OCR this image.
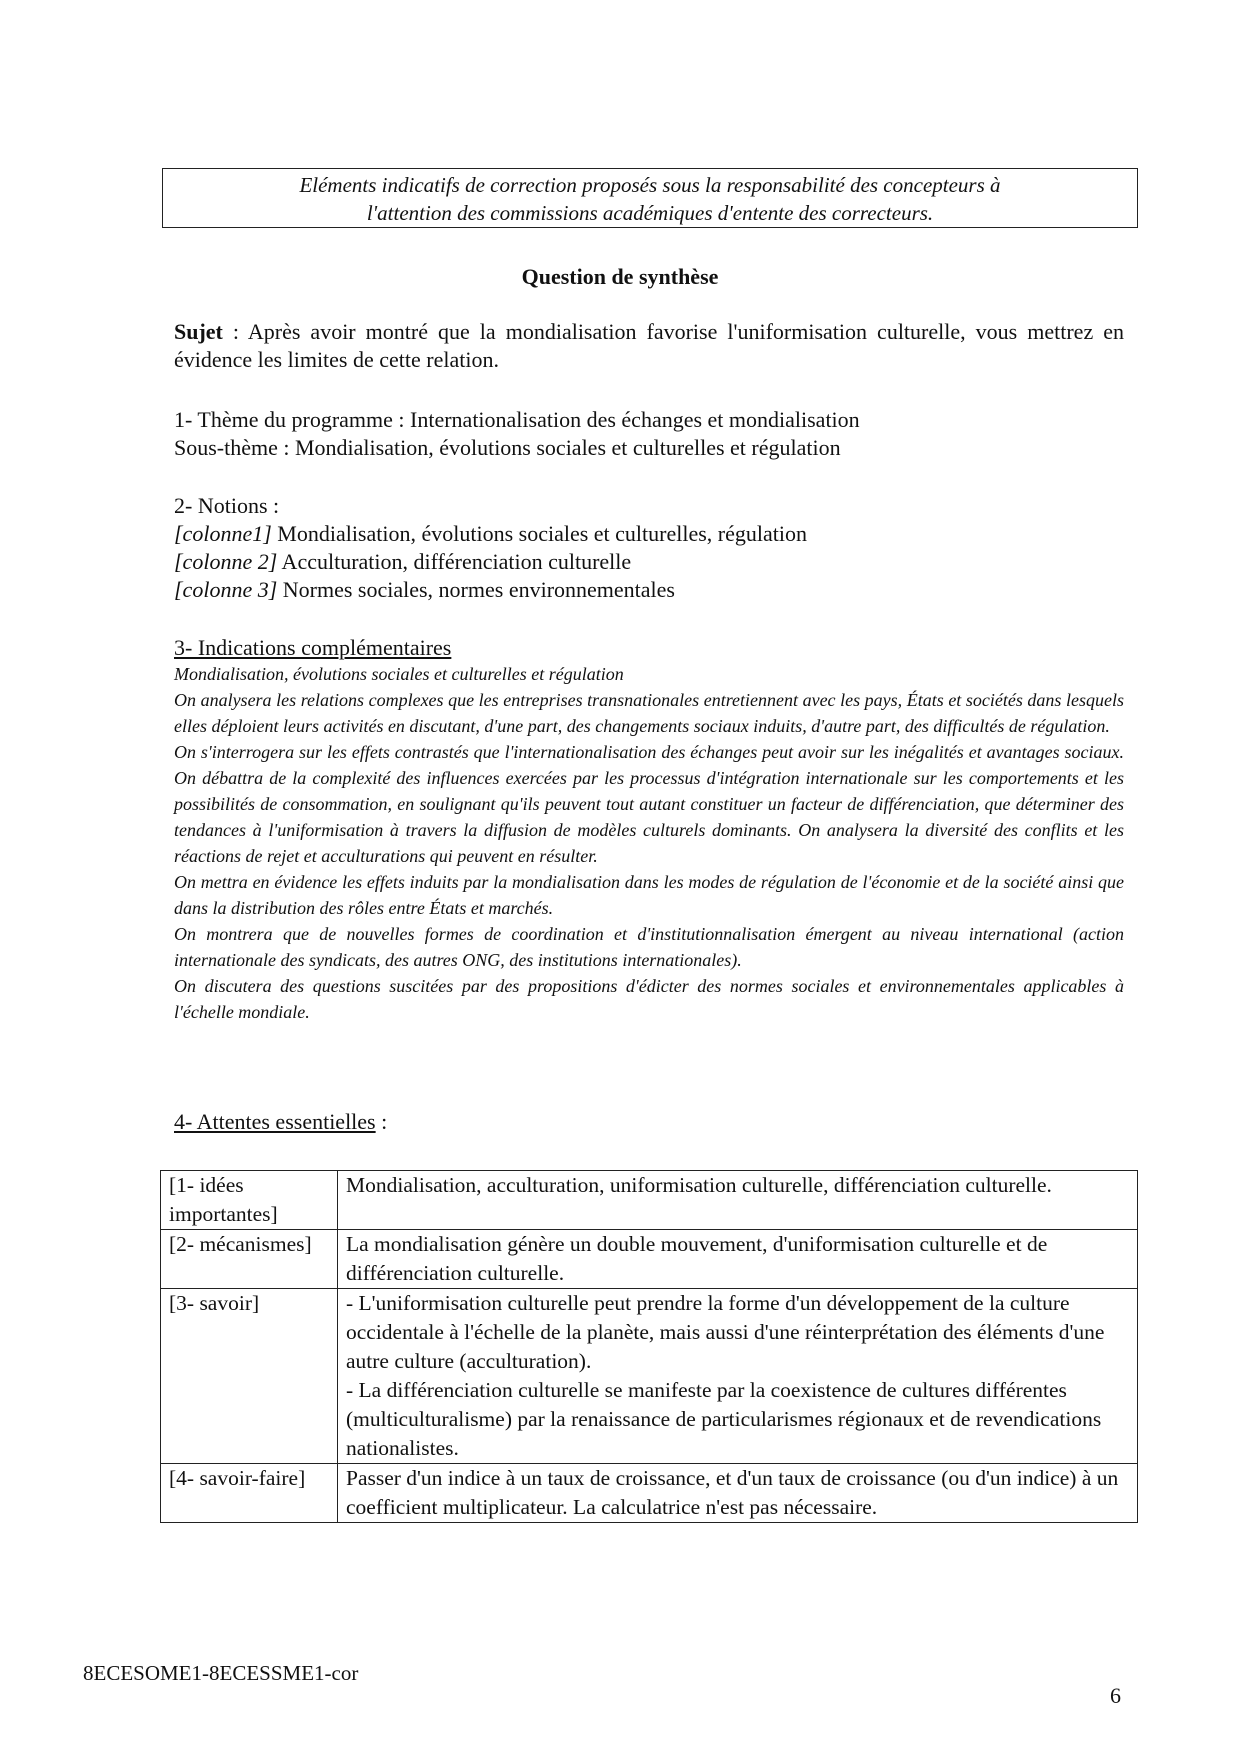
Eléments indicatifs de correction proposés sous la responsabilité des concepteurs à
l'attention des commissions académiques d'entente des correcteurs.
Question de synthèse
Sujet : Après avoir montré que la mondialisation favorise l'uniformisation culturelle, vous mettrez en évidence les limites de cette relation.
1- Thème du programme : Internationalisation des échanges et mondialisation
Sous-thème : Mondialisation, évolutions sociales et culturelles et régulation
2- Notions :
[colonne1] Mondialisation, évolutions sociales et culturelles, régulation
[colonne 2] Acculturation, différenciation culturelle
[colonne 3] Normes sociales, normes environnementales
3- Indications complémentaires

Mondialisation, évolutions sociales et culturelles et régulation

On analysera les relations complexes que les entreprises transnationales entretiennent avec les pays, États et sociétés dans lesquels elles déploient leurs activités en discutant, d'une part, des changements sociaux induits, d'autre part, des difficultés de régulation.

On s'interrogera sur les effets contrastés que l'internationalisation des échanges peut avoir sur les inégalités et avantages sociaux. On débattra de la complexité des influences exercées par les processus d'intégration internationale sur les comportements et les possibilités de consommation, en soulignant qu'ils peuvent tout autant constituer un facteur de différenciation, que déterminer des tendances à l'uniformisation à travers la diffusion de modèles culturels dominants. On analysera la diversité des conflits et les réactions de rejet et acculturations qui peuvent en résulter.

On mettra en évidence les effets induits par la mondialisation dans les modes de régulation de l'économie et de la société ainsi que dans la distribution des rôles entre États et marchés.

On montrera que de nouvelles formes de coordination et d'institutionnalisation émergent au niveau international (action internationale des syndicats, des autres ONG, des institutions internationales).

On discutera des questions suscitées par des propositions d'édicter des normes sociales et environnementales applicables à l'échelle mondiale.

4- Attentes essentielles :
[1- idées importantes]	Mondialisation, acculturation, uniformisation culturelle, différenciation culturelle.

[2- mécanismes]	La mondialisation génère un double mouvement, d'uniformisation culturelle et de différenciation culturelle.

[3- savoir]	- L'uniformisation culturelle peut prendre la forme d'un développement de la culture occidentale à l'échelle de la planète, mais aussi d'une réinterprétation des éléments d'une autre culture (acculturation).
- La différenciation culturelle se manifeste par la coexistence de cultures différentes (multiculturalisme) par la renaissance de particularismes régionaux et de revendications nationalistes.

[4- savoir-faire]	Passer d'un indice à un taux de croissance, et d'un taux de croissance (ou d'un indice) à un coefficient multiplicateur. La calculatrice n'est pas nécessaire.
8ECESOME1-8ECESSME1-cor
6
